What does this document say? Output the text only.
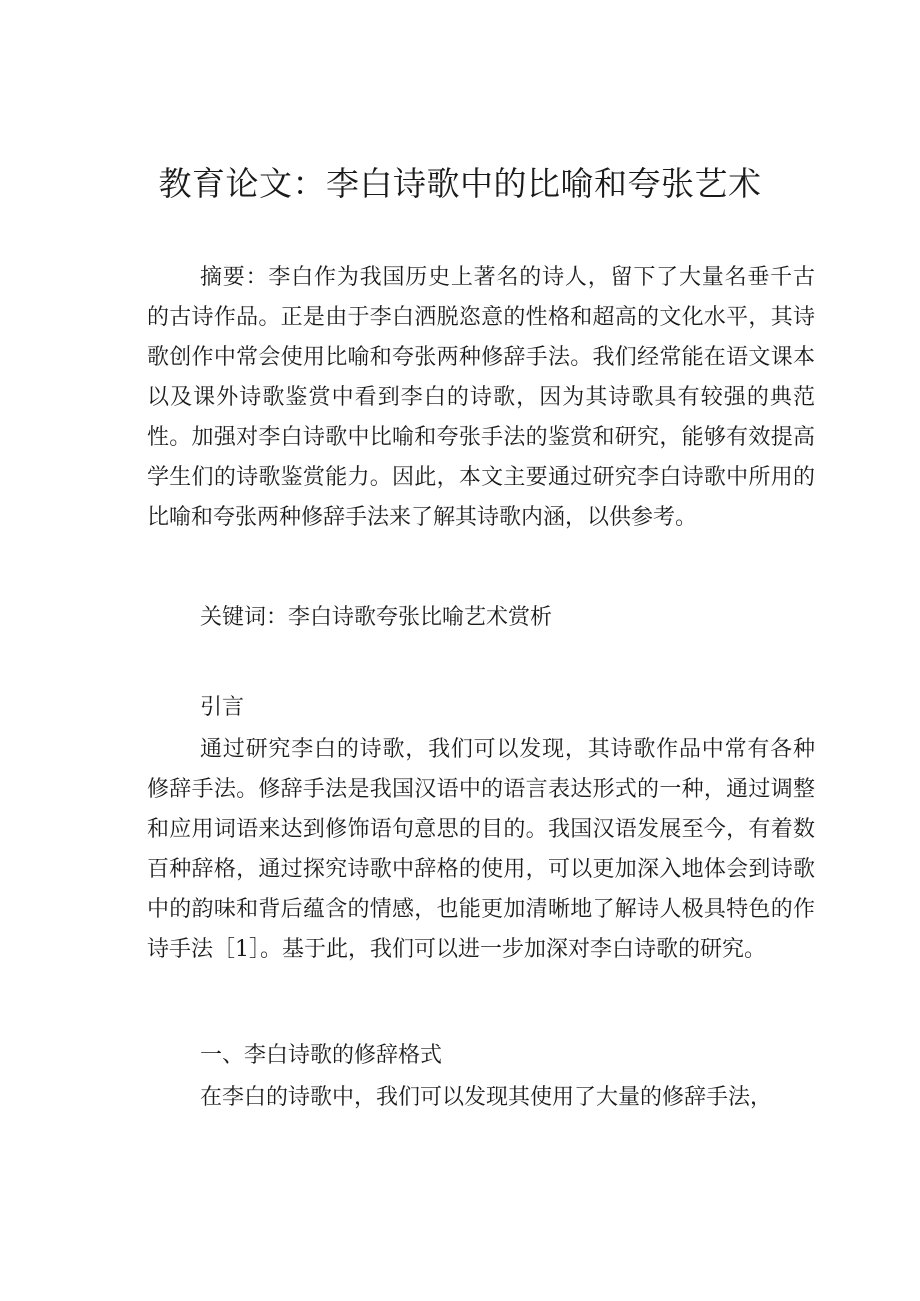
教育论文：李白诗歌中的比喻和夸张艺术

摘要：李白作为我国历史上著名的诗人，留下了大量名垂千古的古诗作品。正是由于李白洒脱恣意的性格和超高的文化水平，其诗歌创作中常会使用比喻和夸张两种修辞手法。我们经常能在语文课本以及课外诗歌鉴赏中看到李白的诗歌，因为其诗歌具有较强的典范性。加强对李白诗歌中比喻和夸张手法的鉴赏和研究，能够有效提高学生们的诗歌鉴赏能力。因此，本文主要通过研究李白诗歌中所用的比喻和夸张两种修辞手法来了解其诗歌内涵，以供参考。

关键词：李白诗歌夸张比喻艺术赏析

引言

通过研究李白的诗歌，我们可以发现，其诗歌作品中常有各种修辞手法。修辞手法是我国汉语中的语言表达形式的一种，通过调整和应用词语来达到修饰语句意思的目的。我国汉语发展至今，有着数百种辞格，通过探究诗歌中辞格的使用，可以更加深入地体会到诗歌中的韵味和背后蕴含的情感，也能更加清晰地了解诗人极具特色的作诗手法［1］。基于此，我们可以进一步加深对李白诗歌的研究。

一、李白诗歌的修辞格式

在李白的诗歌中，我们可以发现其使用了大量的修辞手法，
